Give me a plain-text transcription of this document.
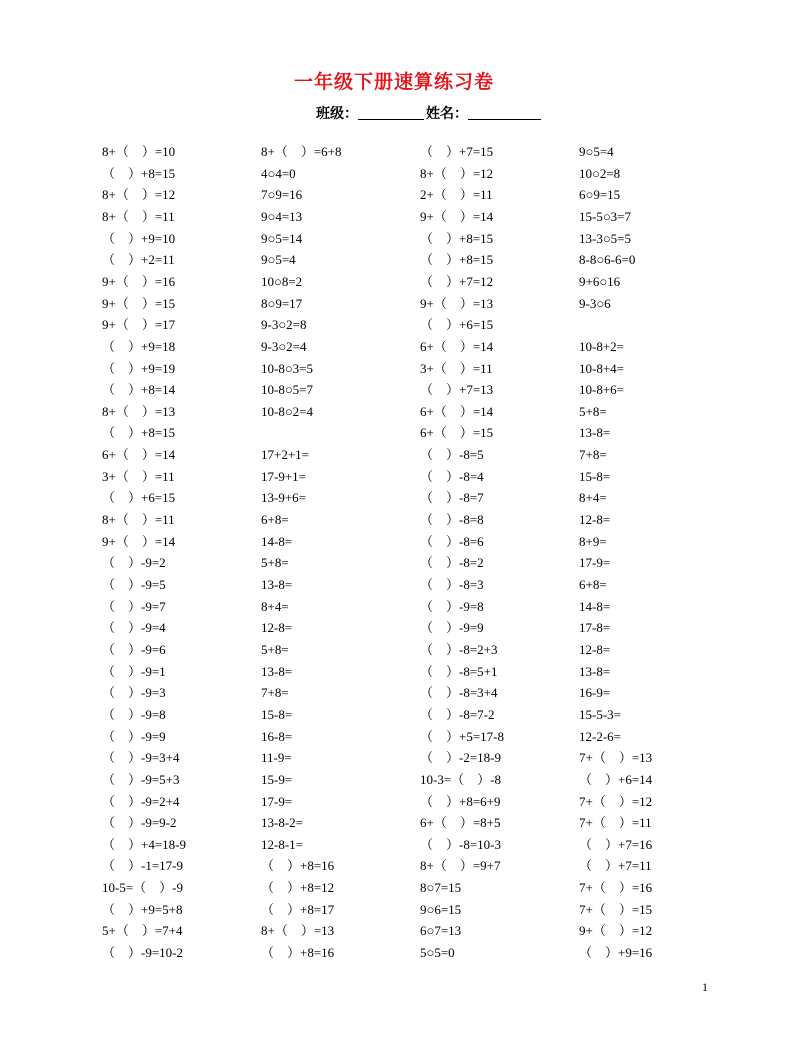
一年级下册速算练习卷
班级：	姓名：
8+（　）=10
（　）+8=15
8+（　）=12
8+（　）=11
（　）+9=10
（　）+2=11
9+（　）=16
9+（　）=15
9+（　）=17
（　）+9=18
（　）+9=19
（　）+8=14
8+（　）=13
（　）+8=15
6+（　）=14
3+（　）=11
（　）+6=15
8+（　）=11
9+（　）=14
（　）-9=2
（　）-9=5
（　）-9=7
（　）-9=4
（　）-9=6
（　）-9=1
（　）-9=3
（　）-9=8
（　）-9=9
（　）-9=3+4
（　）-9=5+3
（　）-9=2+4
（　）-9=9-2
（　）+4=18-9
（　）-1=17-9
10-5=（　）-9
（　）+9=5+8
5+（　）=7+4
（　）-9=10-2
8+（　）=6+8
4○4=0
7○9=16
9○4=13
9○5=14
9○5=4
10○8=2
8○9=17
9-3○2=8
9-3○2=4
10-8○3=5
10-8○5=7
10-8○2=4
17+2+1=
17-9+1=
13-9+6=
6+8=
14-8=
5+8=
13-8=
8+4=
12-8=
5+8=
13-8=
7+8=
15-8=
16-8=
11-9=
15-9=
17-9=
13-8-2=
12-8-1=
（　）+8=16
（　）+8=12
（　）+8=17
8+（　）=13
（　）+8=16
（　）+7=15
8+（　）=12
2+（　）=11
9+（　）=14
（　）+8=15
（　）+8=15
（　）+7=12
9+（　）=13
（　）+6=15
6+（　）=14
3+（　）=11
（　）+7=13
6+（　）=14
6+（　）=15
（　）-8=5
（　）-8=4
（　）-8=7
（　）-8=8
（　）-8=6
（　）-8=2
（　）-8=3
（　）-9=8
（　）-9=9
（　）-8=2+3
（　）-8=5+1
（　）-8=3+4
（　）-8=7-2
（　）+5=17-8
（　）-2=18-9
10-3=（　）-8
（　）+8=6+9
6+（　）=8+5
（　）-8=10-3
8+（　）=9+7
8○7=15
9○6=15
6○7=13
5○5=0
9○5=4
10○2=8
6○9=15
15-5○3=7
13-3○5=5
8-8○6-6=0
9+6○16
9-3○6
10-8+2=
10-8+4=
10-8+6=
5+8=
13-8=
7+8=
15-8=
8+4=
12-8=
8+9=
17-9=
6+8=
14-8=
17-8=
12-8=
13-8=
16-9=
15-5-3=
12-2-6=
7+（　）=13
（　）+6=14
7+（　）=12
7+（　）=11
（　）+7=16
（　）+7=11
7+（　）=16
7+（　）=15
9+（　）=12
（　）+9=16
1
